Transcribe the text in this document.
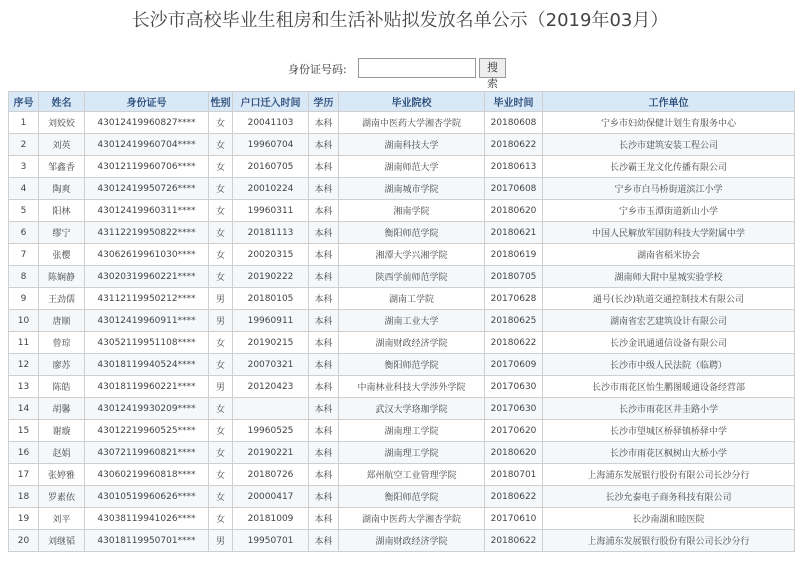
长沙市高校毕业生租房和生活补贴拟发放名单公示（2019年03月）
身份证号码:	搜 索
序号	姓名	身份证号	性别	户口迁入时间	学历	毕业院校	毕业时间	工作单位
1	刘姣姣	43012419960827****	女	20041103	本科	湖南中医药大学湘杏学院	20180608	宁乡市妇幼保健计划生育服务中心
2	刘英	43012419960704****	女	19960704	本科	湖南科技大学	20180622	长沙市建筑安装工程公司
3	邹鑫香	43012119960706****	女	20160705	本科	湖南师范大学	20180613	长沙霸王龙文化传播有限公司
4	陶爽	43012419950726****	女	20010224	本科	湖南城市学院	20170608	宁乡市白马桥街道滨江小学
5	阳林	43012419960311****	女	19960311	本科	湘南学院	20180620	宁乡市玉潭街道新山小学
6	缪宁	43112219950822****	女	20181113	本科	衡阳师范学院	20180621	中国人民解放军国防科技大学附属中学
7	张樱	43062619961030****	女	20020315	本科	湘潭大学兴湘学院	20180619	湖南省稻米协会
8	陈娴静	43020319960221****	女	20190222	本科	陕西学前师范学院	20180705	湖南师大附中星城实验学校
9	王劲儒	43112119950212****	男	20180105	本科	湖南工学院	20170628	通号(长沙)轨道交通控制技术有限公司
10	唐顺	43012419960911****	男	19960911	本科	湖南工业大学	20180625	湖南省宏艺建筑设计有限公司
11	曾琼	43052119951108****	女	20190215	本科	湖南财政经济学院	20180622	长沙金讯通通信设备有限公司
12	廖苏	43018119940524****	女	20070321	本科	衡阳师范学院	20170609	长沙市中级人民法院（临聘）
13	陈皓	43018119960221****	男	20120423	本科	中南林业科技大学涉外学院	20170630	长沙市雨花区怡生鹏图暖通设备经营部
14	胡馨	43012419930209****	女		本科	武汉大学珞珈学院	20170630	长沙市雨花区井圭路小学
15	谢璇	43012219960525****	女	19960525	本科	湖南理工学院	20170620	长沙市望城区桥驿镇桥驿中学
16	赵娟	43072119960821****	女	20190221	本科	湖南理工学院	20180620	长沙市雨花区枫树山大桥小学
17	张婷雅	43060219960818****	女	20180726	本科	郑州航空工业管理学院	20180701	上海浦东发展银行股份有限公司长沙分行
18	罗素依	43010519960626****	女	20000417	本科	衡阳师范学院	20180622	长沙允泰电子商务科技有限公司
19	刘平	43038119941026****	女	20181009	本科	湖南中医药大学湘杏学院	20170610	长沙南湖和睦医院
20	刘继韬	43018119950701****	男	19950701	本科	湖南财政经济学院	20180622	上海浦东发展银行股份有限公司长沙分行
